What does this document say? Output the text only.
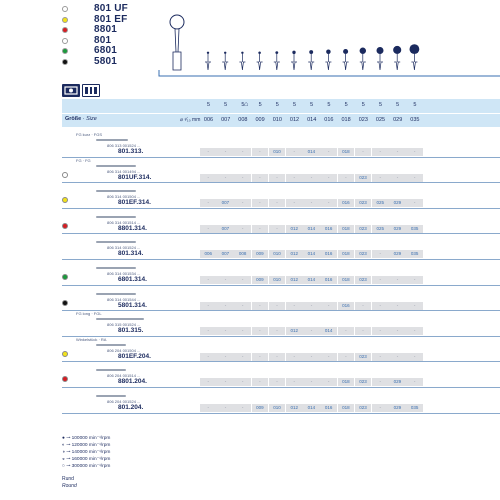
801 UF
801 EF
8801
801
6801
5801
⌂
5	5	5	5	5	5	5	5	5	5	5	5	5
Größe · Size	⌀ ¹⁄₁₀ mm 006	007	008	009	010	012	014	016	018	023	025	029	035
FG kurz · FGS
806 313 001524 ...
801.313.	-	-	-	-	010	-	014	-	018	-	-	-	-
FG · FG
806 314 001494 ...
801UF.314.	-	-	-	-	-	-	-	-	-	023	-	-	-
806 314 001504 ...
801EF.314.	-	007	-	-	-	-	-	-	016	023	025	029	-
806 314 001514 ...
8801.314.	-	007	-	-	-	012	014	016	018	023	025	029	035
806 314 001524 ...
801.314.	006	007	008	009	010	012	014	016	018	023	-	029	035
806 314 001534 ...
6801.314.	-	-	-	009	010	012	014	016	018	023	-	-	-
806 314 001544 ...
5801.314.	-	-	-	-	-	-	-	-	016	-	-	-	-
FG long · FGL
806 315 001524 ...
801.315.	-	-	-	-	-	012	-	014	-	-	-	-	-
Winkelstück · RA
806 204 001504 ...
801EF.204.	-	-	-	-	-	-	-	-	-	023	-	-	-
806 204 001514 ...
8801.204.	-	-	-	-	-	-	-	-	018	023	-	029	-
806 204 001524 ...
801.204.	-	-	-	009	010	012	014	016	018	023	-	029	035
● ⊸ 100000 min⁻¹/rpm
◐ ⊸ 120000 min⁻¹/rpm
◑ ⊸ 140000 min⁻¹/rpm
◒ ⊸ 160000 min⁻¹/rpm
○ ⊸ 300000 min⁻¹/rpm
Rund
Round
